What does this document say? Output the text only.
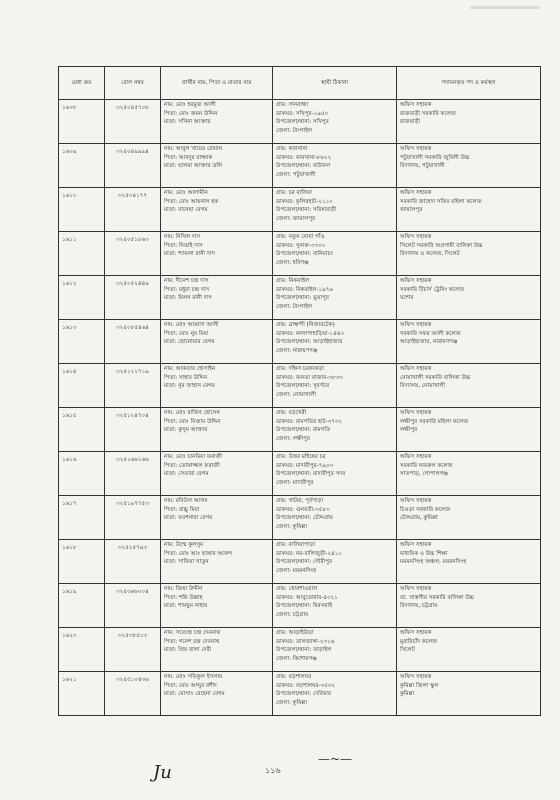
মেধা ক্রম	রোল নম্বর	প্রার্থীর নাম, পিতা ও মাতার নাম	স্থায়ী ঠিকানা	পদায়নকৃত পদ ও কর্মস্থল
১৬০৮	৩২৫০৪৫৭০৮	নাম: মোঃ হরমুজ আলী
পিতা: মোঃ জয়ন উদ্দিন
মাতা: সখিনা আক্তার	গ্রাম: সানবান্ধা
ডাকঘর: সখিপুর-১৯৫০
উপজেলা/থানা: সখিপুর
জেলা: টাংগাইল	অফিস সহায়ক
রাজবাড়ী সরকারি কলেজ
রাজবাড়ী

১৬০৯	৩২৫০৪৯৯৯৪	নাম: আবুল খায়ের রোমান
পিতা: আবদুর রাজ্জাক
মাতা: ছালমা আক্তার ডলি	গ্রাম: কারখানা
ডাকঘর: কারখানা-৮৬২২
উপজেলা/থানা: বাউফল
জেলা: পটুয়াখালী	অফিস সহায়ক
পটুয়াখালী সরকারি জুবিলী উচ্চ
বিদ্যালয়, পটুয়াখালী

১৬১০	৩২৫০৪১৭৭	নাম: মোঃ আলামীন
পিতা: মোঃ আয়নাল হক
মাতা: বানেছা বেগম	গ্রাম: চর বালিয়া
ডাকঘর: কুলিরহাট-২১১০
উপজেলা/থানা: সরিষাবাড়ী
জেলা: জামালপুর	অফিস সহায়ক
সরকারি জাহেদা সফির মহিলা কলেজ
জামালপুর

১৬১১	৩২৫০৫১৮৬৩	নাম: নিখিল দাস
পিতা: নিতাই দাস
মাতা: শ্যামলা রানী দাস	গ্রাম: নতুন নোয়া গাঁও
ডাকঘর: সুনারু-৩৩০০
উপজেলা/থানা: বানিয়াচং
জেলা: হবিগঞ্জ	অফিস সহায়ক
সিলেট সরকারি অগ্রগামী বালিকা উচ্চ
বিদ্যালয় ও কলেজ, সিলেট

১৬১২	৩২৫০৫২৪৪৯	নাম: দীনেশ চন্দ্র দাস
পিতা: মধুরা চন্দ্র দাস
মাতা: মিলন রানী দাস	গ্রাম: নিকরাইল
ডাকঘর: নিকরাইল-১৯৭৬
উপজেলা/থানা: ভুয়াপুর
জেলা: টাংগাইল	অফিস সহায়ক
সরকারি টিচার্স ট্রেনিং কলেজ
যশোর

১৬১৩	৩২৫০৮৫৪৬৪	নাম: মোঃ আব্বাস আলী
পিতা: মোঃ নুর মিয়া
মাতা: ছোনোয়ার বেগম	গ্রাম: ব্রাহ্মন্দী (নিজারটেক)
ডাকঘর: কালাপাহাড়িয়া-১৪৪০
উপজেলা/থানা: আড়াইহাজার
জেলা: নারায়ণগঞ্জ	অফিস সহায়ক
সরকারি সফর আলী কলেজ
আড়াইহাজার, নারায়ণগঞ্জ

১৬১৪	৩২৫১২২৭১৯	নাম: আকতার হোসাইন
পিতা: সাহাব উদ্দিন
মাতা: নুর জাহান বেগম	গ্রাম: দক্ষিণ চরকাকড়া
ডাকঘর: জনতা বাজার-৩৮৩৩
উপজেলা/থানা: সুবর্ণচর
জেলা: নোয়াখালী	অফিস সহায়ক
নোয়াখালী সরকারি বালিকা উচ্চ
বিদ্যালয়, নোয়াখালী

১৬১৫	৩২৫১২৪৭০৪	নাম: মোঃ রাজিব হোসেন
পিতা: মোঃ নিজাম উদ্দিন
মাতা: কুসুম আক্তার	গ্রাম: বড়খেরী
ডাকঘর: রামগতির হাট-৩৭৩২
উপজেলা/থানা: রামগতি
জেলা: লক্ষীপুর	অফিস সহায়ক
লক্ষীপুর সরকারি মহিলা কলেজ
লক্ষীপুর

১৬১৬	৩২৫১৬৬১৬৬	নাম: মোঃ চানমিয়া ফরাজী
পিতা: তোফাজ্জল ফরাজী
মাতা: সেতারা বেগম	গ্রাম: উত্তর মহিষের চর
ডাকঘর: মাদারীপুর-৭৯০০
উপজেলা/থানা: মাদারীপুর সদর
জেলা: মাদারীপুর	অফিস সহায়ক
সরকারি নজরুল কলেজ
সাতপাড়, গোপালগঞ্জ

১৬১৭	৩২৫১৯৭৭৫৩	নাম: রবিউল আলম
পিতা: বাচ্চু মিয়া
মাতা: রওশনারা বেগম	গ্রাম: খাটরা, পূর্বপাড়া
ডাকঘর: গুনবতী-৩৫৮৩
উপজেলা/থানা: চৌদ্দগ্রাম
জেলা: কুমিল্লা	অফিস সহায়ক
চিওড়া সরকারি কলেজ
চৌদ্দগ্রাম, কুমিল্লা

১৬১৮	৩২৫২৫৭৯৩	নাম: উম্মে কুলসুম
পিতা: মোঃ আঃ ছাত্তার আকন্দ
মাতা: সাফিয়া খাতুন	গ্রাম: বালিয়াপাড়া
ডাকঘর: নব-বালিজুড়ী-২৪১১
উপজেলা/থানা: গৌরীপুর
জেলা: ময়মনসিংহ	অফিস সহায়ক
মাধ্যমিক ও উচ্চ শিক্ষা
ময়মনসিংহ অঞ্চল, ময়মনসিংহ

১৬১৯	৩২৫৩৬৬০০৪	নাম: জিয়া উদ্দীন
পিতা: শফি উল্লাহ
মাতা: শামছুন নাহার	গ্রাম: খোরশাওয়াল
ডাকঘর: আবুতোরাব-৪৩২১
উপজেলা/থানা: মিরসরাই
জেলা: চট্টগ্রাম	অফিস সহায়ক
ডা. খাস্তগীর সরকারি বালিকা উচ্চ
বিদ্যালয়, চট্টগ্রাম

১৬২০	৩২৫৩৮৫১৩	নাম: সত্যেন্দ্র চন্দ্র দেবনাথ
পিতা: গনেশ চন্দ্র দেবনাথ
মাতা: প্রিয় বালা দেবী	গ্রাম: আড়াইউড়া
ডাকঘর: তালজাঙ্গা-২৩১৬
উপজেলা/থানা: তাড়াইল
জেলা: কিশোরগঞ্জ	অফিস সহায়ক
মুরারিচাঁদ কলেজ
সিলেট

১৬২১	৩২৫৫১০৪৩৬	নাম: মোঃ সফিকুল ইসলাম
পিতা: মোঃ আব্দুর রশীদ
মাতা: মোসাঃ রেহেনা বেগম	গ্রাম: বড়শালঘর
ডাকঘর: বড়শালঘর-৩৫৩২
উপজেলা/থানা: দেবিদ্বার
জেলা: কুমিল্লা	অফিস সহায়ক
কুমিল্লা জিলা স্কুল
কুমিল্লা
Ju	১১৬
—~—
